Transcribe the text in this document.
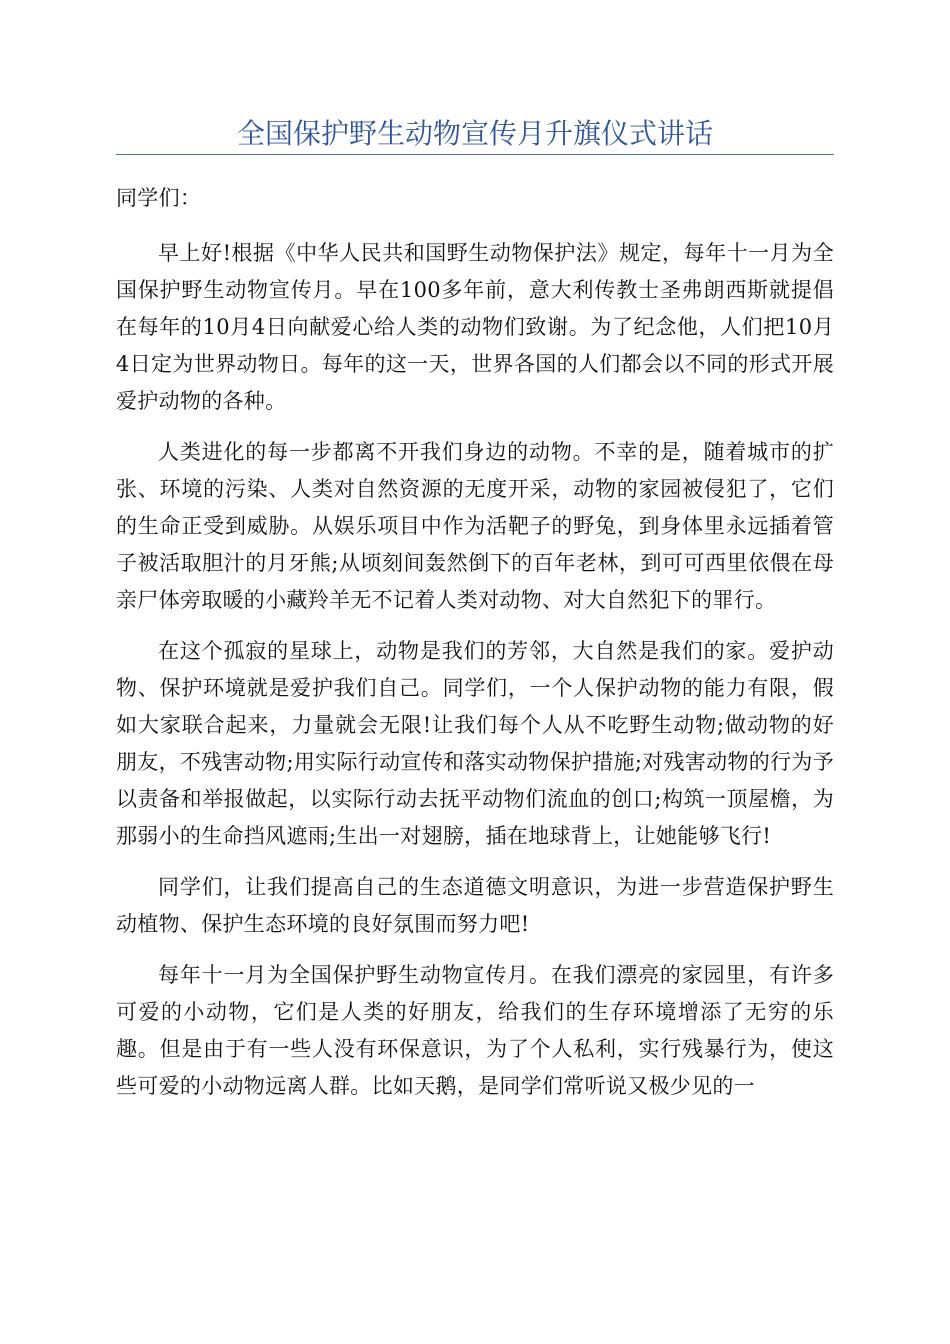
全国保护野生动物宣传月升旗仪式讲话

同学们：

早上好!根据《中华人民共和国野生动物保护法》规定，每年十一月为全国保护野生动物宣传月。早在100多年前，意大利传教士圣弗朗西斯就提倡在每年的10月4日向献爱心给人类的动物们致谢。为了纪念他，人们把10月4日定为世界动物日。每年的这一天，世界各国的人们都会以不同的形式开展爱护动物的各种。

人类进化的每一步都离不开我们身边的动物。不幸的是，随着城市的扩张、环境的污染、人类对自然资源的无度开采，动物的家园被侵犯了，它们的生命正受到威胁。从娱乐项目中作为活靶子的野兔，到身体里永远插着管子被活取胆汁的月牙熊;从顷刻间轰然倒下的百年老林，到可可西里依偎在母亲尸体旁取暖的小藏羚羊无不记着人类对动物、对大自然犯下的罪行。

在这个孤寂的星球上，动物是我们的芳邻，大自然是我们的家。爱护动物、保护环境就是爱护我们自己。同学们，一个人保护动物的能力有限，假如大家联合起来，力量就会无限!让我们每个人从不吃野生动物;做动物的好朋友，不残害动物;用实际行动宣传和落实动物保护措施;对残害动物的行为予以责备和举报做起，以实际行动去抚平动物们流血的创口;构筑一顶屋檐，为那弱小的生命挡风遮雨;生出一对翅膀，插在地球背上，让她能够飞行!

同学们，让我们提高自己的生态道德文明意识，为进一步营造保护野生动植物、保护生态环境的良好氛围而努力吧!

每年十一月为全国保护野生动物宣传月。在我们漂亮的家园里，有许多可爱的小动物，它们是人类的好朋友，给我们的生存环境增添了无穷的乐趣。但是由于有一些人没有环保意识，为了个人私利，实行残暴行为，使这些可爱的小动物远离人群。比如天鹅，是同学们常听说又极少见的一
